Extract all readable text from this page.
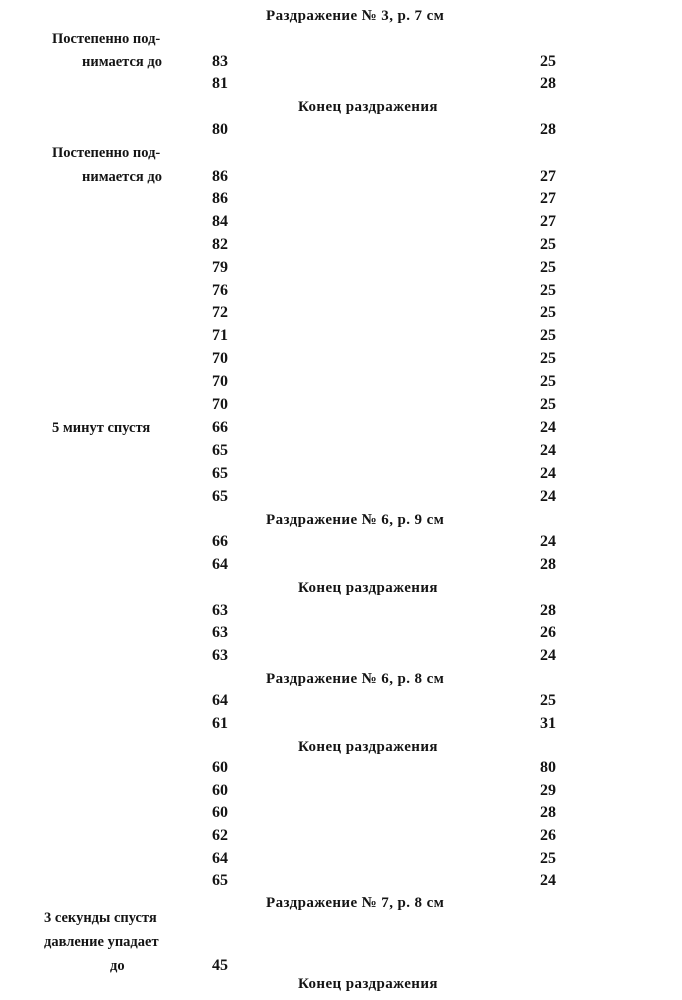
Раздражение № 3, р. 7 см
Постепенно под-
нимается до	83	25
81	28
Конец раздражения
80	28
Постепенно под-
нимается до	86	27
86	27
84	27
82	25
79	25
76	25
72	25
71	25
70	25
70	25
70	25
5 минут спустя	66	24
65	24
65	24
65	24
Раздражение № 6, р. 9 см
66	24
64	28
Конец раздражения
63	28
63	26
63	24
Раздражение № 6, р. 8 см
64	25
61	31
Конец раздражения
60	80
60	29
60	28
62	26
64	25
65	24
Раздражение № 7, р. 8 см
3 секунды спустя
давление упадает
до	45
Конец раздражения
